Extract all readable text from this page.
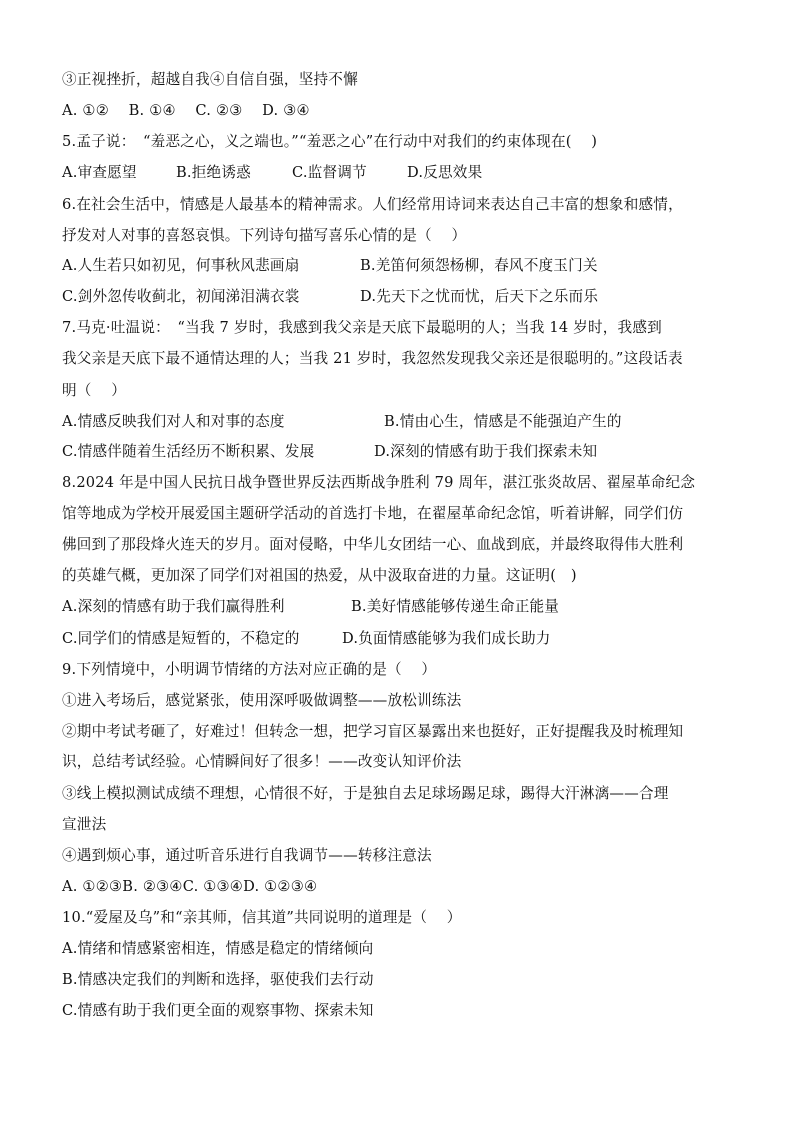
③正视挫折，超越自我④自信自强，坚持不懈
A. ①②　 B. ①④　 C. ②③　 D. ③④
5.孟子说：　“羞恶之心，义之端也。”“羞恶之心”在行动中对我们的约束体现在(　 )
A.审查愿望	B.拒绝诱惑	C.监督调节	D.反思效果
6.在社会生活中，情感是人最基本的精神需求。人们经常用诗词来表达自己丰富的想象和感情，
抒发对人对事的喜怒哀惧。下列诗句描写喜乐心情的是（　 ）
A.人生若只如初见，何事秋风悲画扇	B.羌笛何须怨杨柳，春风不度玉门关
C.剑外忽传收蓟北，初闻涕泪满衣裳	D.先天下之忧而忧，后天下之乐而乐
7.马克·吐温说：　“当我 7 岁时，我感到我父亲是天底下最聪明的人；当我 14 岁时，我感到
我父亲是天底下最不通情达理的人；当我 21 岁时，我忽然发现我父亲还是很聪明的。”这段话表
明（　 ）
A.情感反映我们对人和对事的态度	B.情由心生，情感是不能强迫产生的
C.情感伴随着生活经历不断积累、发展	D.深刻的情感有助于我们探索未知
8.2024 年是中国人民抗日战争暨世界反法西斯战争胜利 79 周年，湛江张炎故居、翟屋革命纪念
馆等地成为学校开展爱国主题研学活动的首选打卡地，在翟屋革命纪念馆，听着讲解，同学们仿
佛回到了那段烽火连天的岁月。面对侵略，中华儿女团结一心、血战到底，并最终取得伟大胜利
的英雄气概，更加深了同学们对祖国的热爱，从中汲取奋进的力量。这证明(　)
A.深刻的情感有助于我们赢得胜利	B.美好情感能够传递生命正能量
C.同学们的情感是短暂的，不稳定的	D.负面情感能够为我们成长助力
9.下列情境中，小明调节情绪的方法对应正确的是（　 ）
①进入考场后，感觉紧张，使用深呼吸做调整——放松训练法
②期中考试考砸了，好难过！但转念一想，把学习盲区暴露出来也挺好，正好提醒我及时梳理知
识，总结考试经验。心情瞬间好了很多！——改变认知评价法
③线上模拟测试成绩不理想，心情很不好，于是独自去足球场踢足球，踢得大汗淋漓——合理
宣泄法
④遇到烦心事，通过听音乐进行自我调节——转移注意法
A. ①②③B. ②③④C. ①③④D. ①②③④
10.“爱屋及乌”和“亲其师，信其道”共同说明的道理是（　 ）
A.情绪和情感紧密相连，情感是稳定的情绪倾向
B.情感决定我们的判断和选择，驱使我们去行动
C.情感有助于我们更全面的观察事物、探索未知
